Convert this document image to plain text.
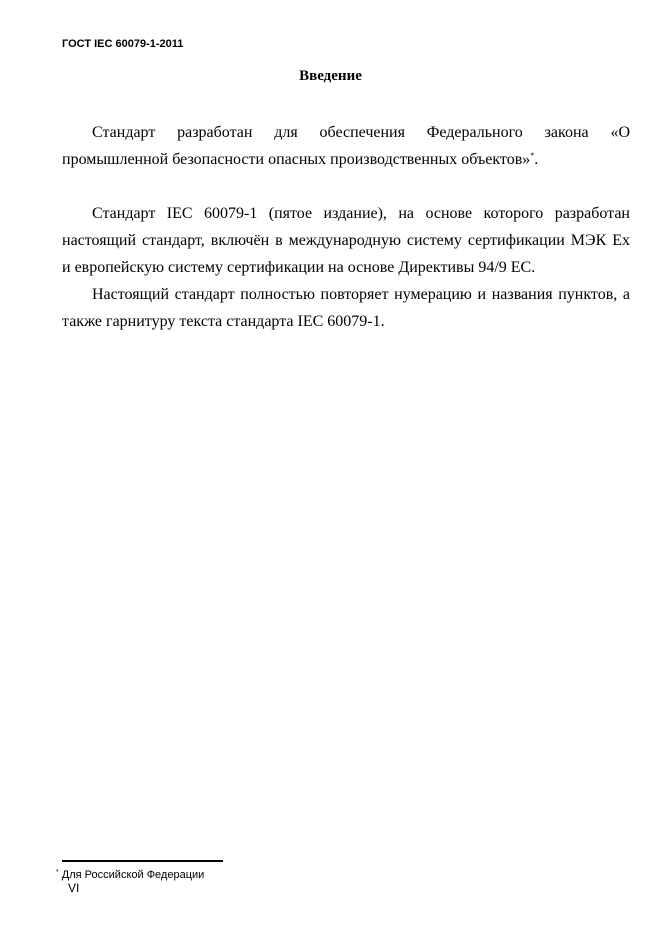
ГОСТ IEC 60079-1-2011
Введение
Стандарт разработан для обеспечения Федерального закона «О
промышленной безопасности опасных производственных объектов»*.
Стандарт IEC 60079-1 (пятое издание), на основе которого разработан
настоящий стандарт, включён в международную систему сертификации МЭК Ex
и европейскую систему сертификации на основе Директивы 94/9 EC.
Настоящий стандарт полностью повторяет нумерацию и названия пунктов, а
также гарнитуру текста стандарта IEC 60079-1.
* Для Российской Федерации
VI
